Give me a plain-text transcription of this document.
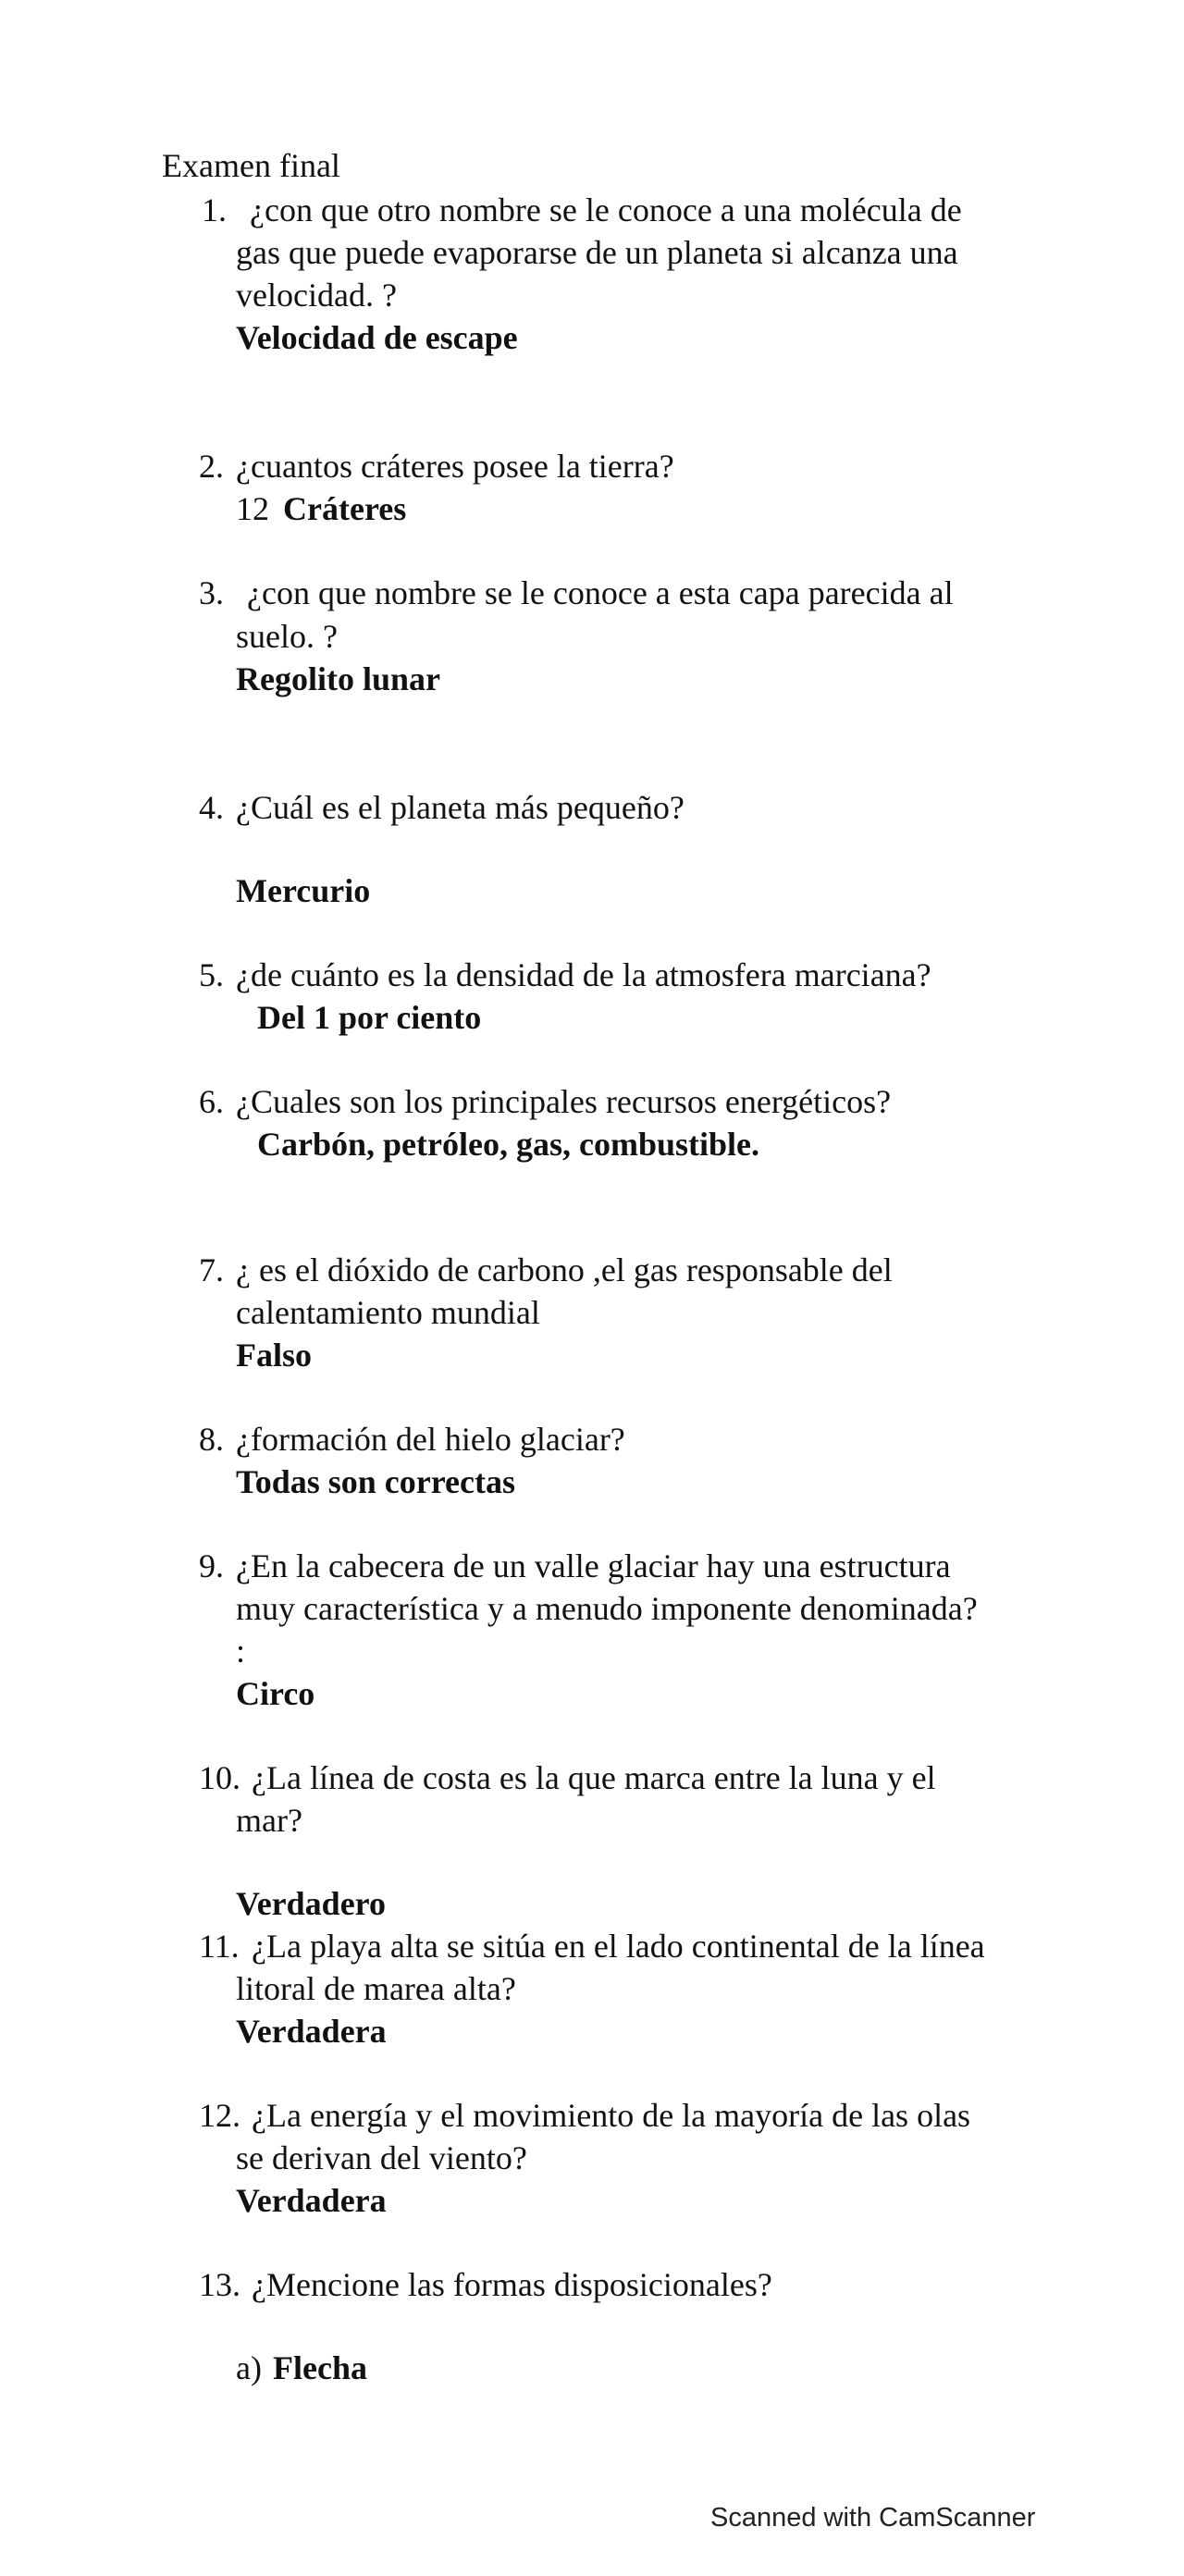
Examen final
1. ¿con que otro nombre se le conoce a una molécula de
gas que puede evaporarse de un planeta si alcanza una
velocidad. ?
Velocidad de escape
2. ¿cuantos cráteres posee la tierra?
12 Cráteres
3. ¿con que nombre se le conoce a esta capa parecida al
suelo. ?
Regolito lunar
4. ¿Cuál es el planeta más pequeño?
Mercurio
5. ¿de cuánto es la densidad de la atmosfera marciana?
Del 1 por ciento
6. ¿Cuales son los principales recursos energéticos?
Carbón, petróleo, gas, combustible.
7. ¿ es el dióxido de carbono ,el gas responsable del
calentamiento mundial
Falso
8. ¿formación del hielo glaciar?
Todas son correctas
9. ¿En la cabecera de un valle glaciar hay una estructura
muy característica y a menudo imponente denominada?
:
Circo
10. ¿La línea de costa es la que marca entre la luna y el
mar?
Verdadero
11. ¿La playa alta se sitúa en el lado continental de la línea
litoral de marea alta?
Verdadera
12. ¿La energía y el movimiento de la mayoría de las olas
se derivan del viento?
Verdadera
13. ¿Mencione las formas disposicionales?
a) Flecha
Scanned with CamScanner
